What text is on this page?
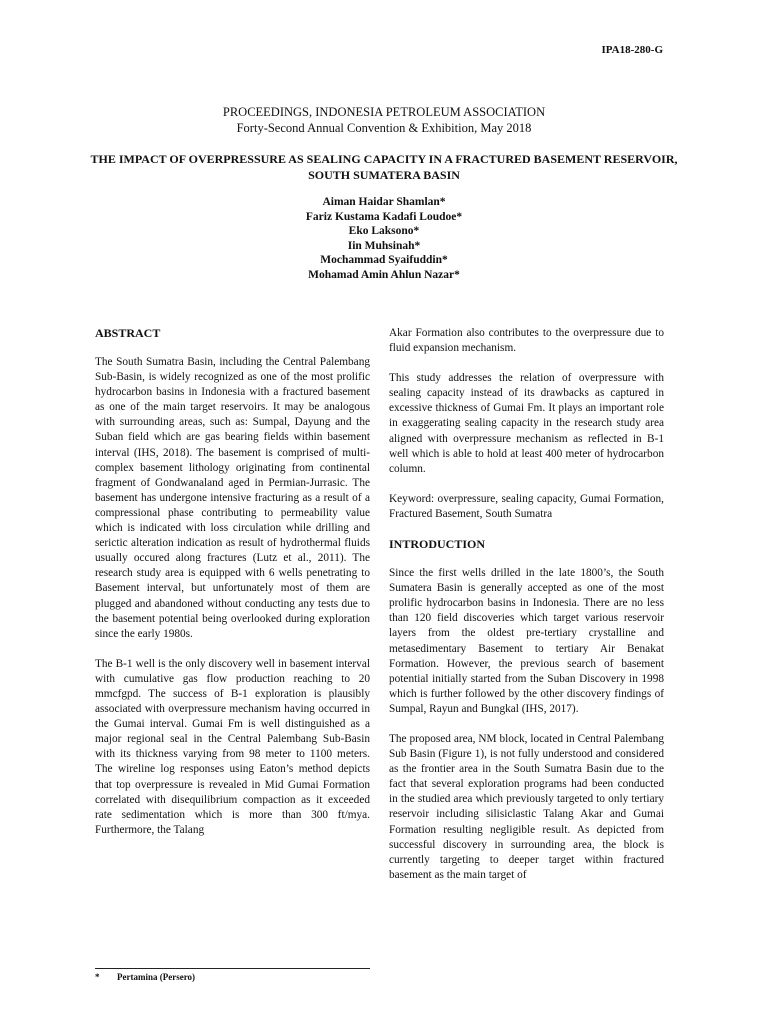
IPA18-280-G
PROCEEDINGS, INDONESIA PETROLEUM ASSOCIATION
Forty-Second Annual Convention & Exhibition, May 2018
THE IMPACT OF OVERPRESSURE AS SEALING CAPACITY IN A FRACTURED BASEMENT RESERVOIR, SOUTH SUMATERA BASIN
Aiman Haidar Shamlan*
Fariz Kustama Kadafi Loudoe*
Eko Laksono*
Iin Muhsinah*
Mochammad Syaifuddin*
Mohamad Amin Ahlun Nazar*
ABSTRACT

The South Sumatra Basin, including the Central Palembang Sub-Basin, is widely recognized as one of the most prolific hydrocarbon basins in Indonesia with a fractured basement as one of the main target reservoirs. It may be analogous with surrounding areas, such as: Sumpal, Dayung and the Suban field which are gas bearing fields within basement interval (IHS, 2018). The basement is comprised of multi-complex basement lithology originating from continental fragment of Gondwanaland aged in Permian-Jurrasic. The basement has undergone intensive fracturing as a result of a compressional phase contributing to permeability value which is indicated with loss circulation while drilling and serictic alteration indication as result of hydrothermal fluids usually occured along fractures (Lutz et al., 2011). The research study area is equipped with 6 wells penetrating to Basement interval, but unfortunately most of them are plugged and abandoned without conducting any tests due to the basement potential being overlooked during exploration since the early 1980s.

The B-1 well is the only discovery well in basement interval with cumulative gas flow production reaching to 20 mmcfgpd. The success of B-1 exploration is plausibly associated with overpressure mechanism having occurred in the Gumai interval. Gumai Fm is well distinguished as a major regional seal in the Central Palembang Sub-Basin with its thickness varying from 98 meter to 1100 meters. The wireline log responses using Eaton’s method depicts that top overpressure is revealed in Mid Gumai Formation correlated with disequilibrium compaction as it exceeded rate sedimentation which is more than 300 ft/mya. Furthermore, the Talang

Akar Formation also contributes to the overpressure due to fluid expansion mechanism.

This study addresses the relation of overpressure with sealing capacity instead of its drawbacks as captured in excessive thickness of Gumai Fm. It plays an important role in exaggerating sealing capacity in the research study area aligned with overpressure mechanism as reflected in B-1 well which is able to hold at least 400 meter of hydrocarbon column.

Keyword: overpressure, sealing capacity, Gumai Formation, Fractured Basement, South Sumatra

INTRODUCTION

Since the first wells drilled in the late 1800’s, the South Sumatera Basin is generally accepted as one of the most prolific hydrocarbon basins in Indonesia. There are no less than 120 field discoveries which target various reservoir layers from the oldest pre-tertiary crystalline and metasedimentary Basement to tertiary Air Benakat Formation. However, the previous search of basement potential initially started from the Suban Discovery in 1998 which is further followed by the other discovery findings of Sumpal, Rayun and Bungkal (IHS, 2017).

The proposed area, NM block, located in Central Palembang Sub Basin (Figure 1), is not fully understood and considered as the frontier area in the South Sumatra Basin due to the fact that several exploration programs had been conducted in the studied area which previously targeted to only tertiary reservoir including silisiclastic Talang Akar and Gumai Formation resulting negligible result. As depicted from successful discovery in surrounding area, the block is currently targeting to deeper target within fractured basement as the main target of

* Pertamina (Persero)
